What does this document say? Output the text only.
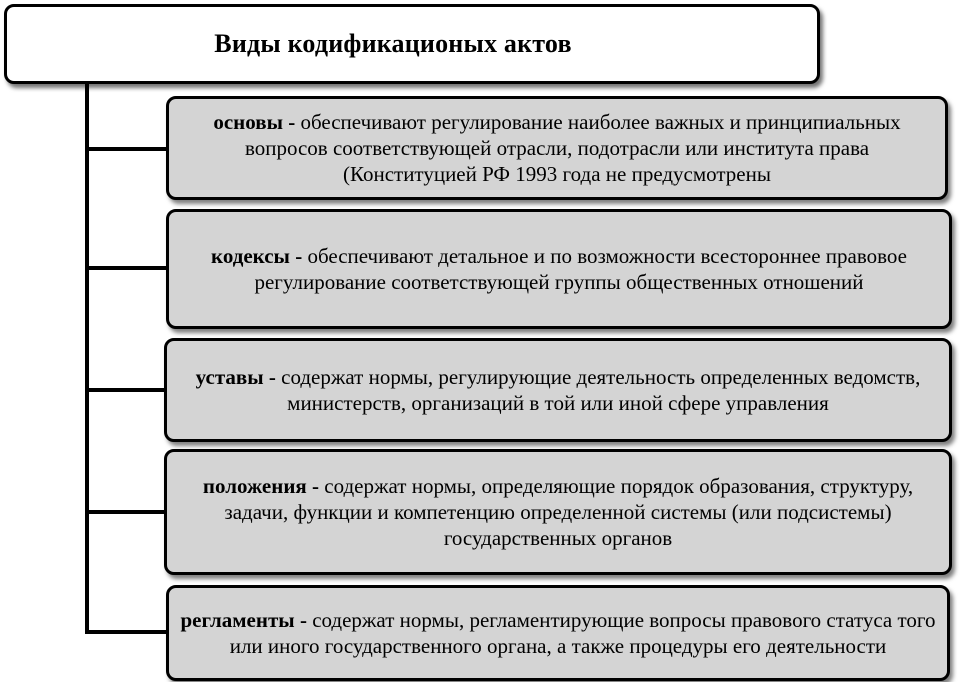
Виды кодификационых актов
основы - обеспечивают регулирование наиболее важных и принципиальных вопросов соответствующей отрасли, подотрасли или института права (Конституцией РФ 1993 года не предусмотрены
кодексы - обеспечивают детальное и по возможности всестороннее правовое регулирование соответствующей группы общественных отношений
уставы - содержат нормы, регулирующие деятельность определенных ведомств, министерств, организаций в той или иной сфере управления
положения - содержат нормы, определяющие порядок образования, структуру, задачи, функции и компетенцию определенной системы (или подсистемы) государственных органов
регламенты - содержат нормы, регламентирующие вопросы правового статуса того или иного государственного органа, а также процедуры его деятельности
